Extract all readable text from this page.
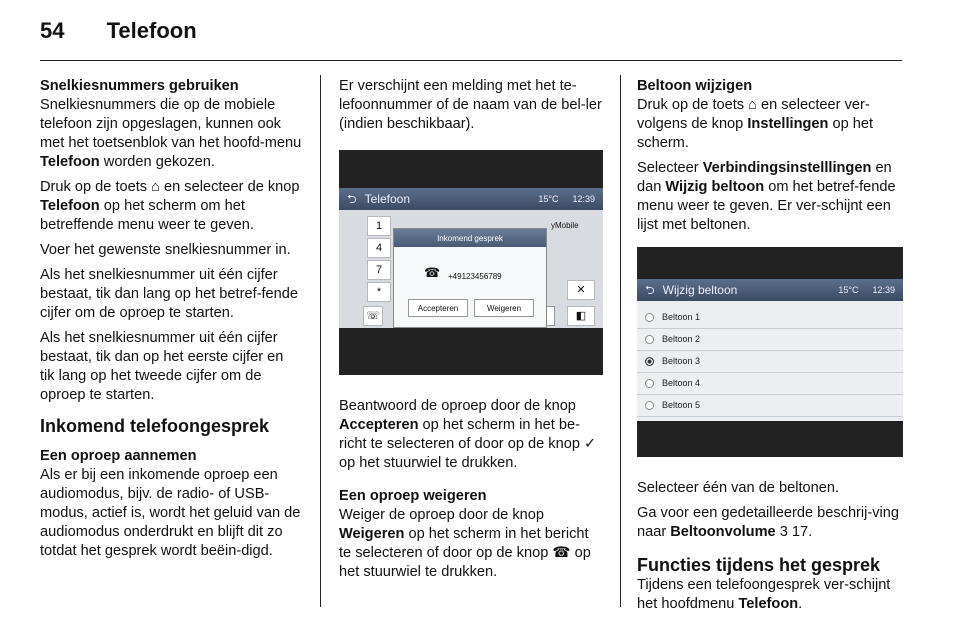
54 Telefoon

Snelkiesnummers gebruiken

Snelkiesnummers die op de mobiele telefoon zijn opgeslagen, kunnen ook met het toetsenblok van het hoofd-menu Telefoon worden gekozen.

Druk op de toets ⌂ en selecteer de knop Telefoon op het scherm om het betreffende menu weer te geven.

Voer het gewenste snelkiesnummer in.

Als het snelkiesnummer uit één cijfer bestaat, tik dan lang op het betref-fende cijfer om de oproep te starten.

Als het snelkiesnummer uit één cijfer bestaat, tik dan op het eerste cijfer en tik lang op het tweede cijfer om de oproep te starten.

Inkomend telefoongesprek

Een oproep aannemen

Als er bij een inkomende oproep een audiomodus, bijv. de radio- of USB-modus, actief is, wordt het geluid van de audiomodus onderdrukt en blijft dit zo totdat het gesprek wordt beëin-digd.

Er verschijnt een melding met het te-lefoonnummer of de naam van de bel-ler (indien beschikbaar).

⮌ Telefoon	15°C 12:39
1
4
7
*
yMobile
✕
☏	◧
Inkomend gesprek
☎ +49123456789
Accepteren	Weigeren

Beantwoord de oproep door de knop Accepteren op het scherm in het be-richt te selecteren of door op de knop ✓ op het stuurwiel te drukken.

Een oproep weigeren

Weiger de oproep door de knop Weigeren op het scherm in het bericht te selecteren of door op de knop ☎ op het stuurwiel te drukken.

Beltoon wijzigen

Druk op de toets ⌂ en selecteer ver-volgens de knop Instellingen op het scherm.

Selecteer Verbindingsinstelllingen en dan Wijzig beltoon om het betref-fende menu weer te geven. Er ver-schijnt een lijst met beltonen.

⮌ Wijzig beltoon	15°C 12:39
Beltoon 1
Beltoon 2
Beltoon 3
Beltoon 4
Beltoon 5

Selecteer één van de beltonen.

Ga voor een gedetailleerde beschrij-ving naar Beltoonvolume 3 17.

Functies tijdens het gesprek

Tijdens een telefoongesprek ver-schijnt het hoofdmenu Telefoon.
